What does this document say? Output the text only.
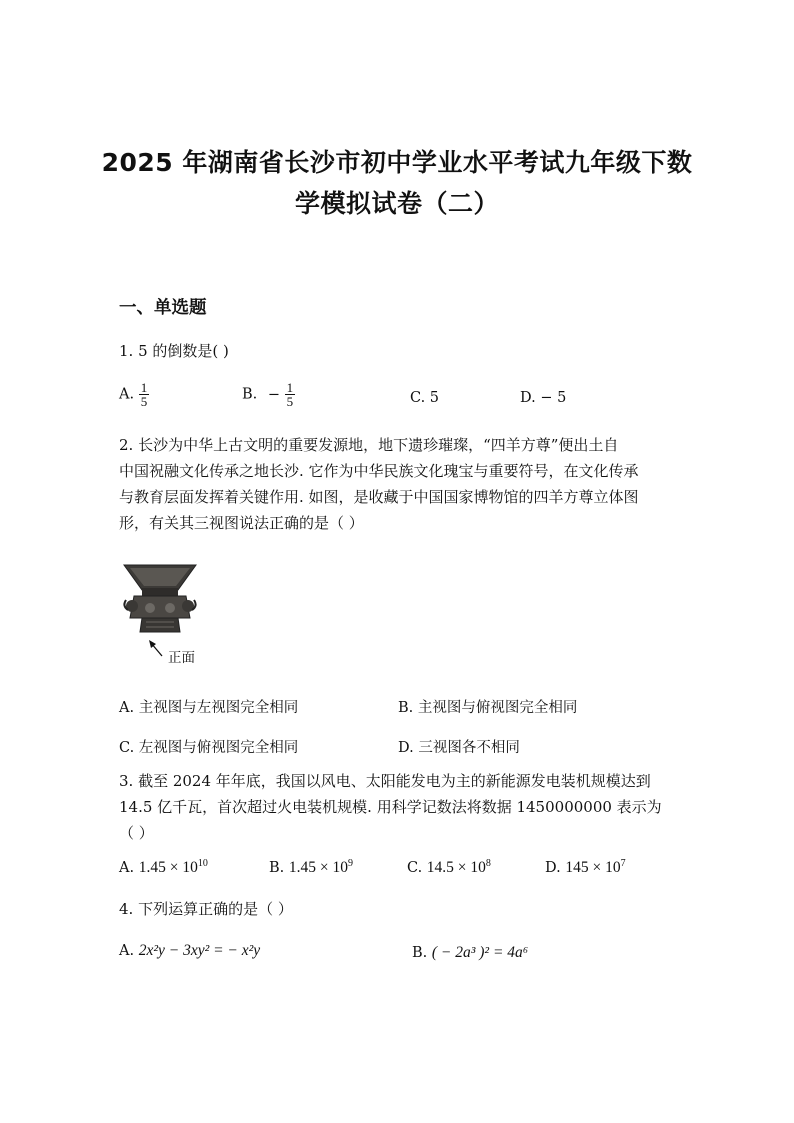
2025 年湖南省长沙市初中学业水平考试九年级下数
学模拟试卷（二）
一、单选题
1. 5 的倒数是( )
A. $\frac{1}{5}$	B. − $\frac{1}{5}$	C. 5	D. − 5
2. 长沙为中华上古文明的重要发源地，地下遗珍璀璨，“四羊方尊”便出土自
中国祝融文化传承之地长沙. 它作为中华民族文化瑰宝与重要符号，在文化传承
与教育层面发挥着关键作用. 如图，是收藏于中国国家博物馆的四羊方尊立体图
形，有关其三视图说法正确的是（ ）
正面
A. 主视图与左视图完全相同	B. 主视图与俯视图完全相同
C. 左视图与俯视图完全相同	D. 三视图各不相同
3. 截至 2024 年年底，我国以风电、太阳能发电为主的新能源发电装机规模达到
14.5 亿千瓦，首次超过火电装机规模. 用科学记数法将数据 1450000000 表示为
（ ）
A. $1.45 \times 10^{10}$	B. $1.45 \times 10^9$	C. $14.5 \times 10^8$	D. $145 \times 10^7$
4. 下列运算正确的是（ ）
A. 2x²y − 3xy² = − x²y	B. ( − 2a³ )² = 4a⁶
